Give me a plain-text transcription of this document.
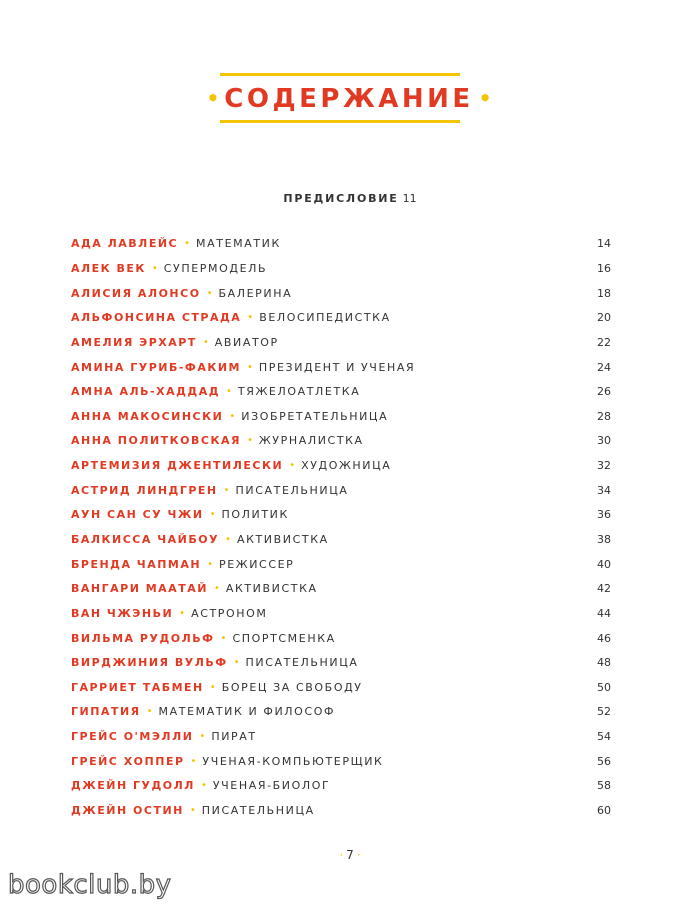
• СОДЕРЖАНИЕ •
ПРЕДИСЛОВИЕ 11
АДА ЛАВЛЕЙС • МАТЕМАТИК	14
АЛЕК ВЕК • СУПЕРМОДЕЛЬ	16
АЛИСИЯ АЛОНСО • БАЛЕРИНА	18
АЛЬФОНСИНА СТРАДА • ВЕЛОСИПЕДИСТКА	20
АМЕЛИЯ ЭРХАРТ • АВИАТОР	22
АМИНА ГУРИБ-ФАКИМ • ПРЕЗИДЕНТ И УЧЕНАЯ	24
АМНА АЛЬ-ХАДДАД • ТЯЖЕЛОАТЛЕТКА	26
АННА МАКОСИНСКИ • ИЗОБРЕТАТЕЛЬНИЦА	28
АННА ПОЛИТКОВСКАЯ • ЖУРНАЛИСТКА	30
АРТЕМИЗИЯ ДЖЕНТИЛЕСКИ • ХУДОЖНИЦА	32
АСТРИД ЛИНДГРЕН • ПИСАТЕЛЬНИЦА	34
АУН САН СУ ЧЖИ • ПОЛИТИК	36
БАЛКИССА ЧАЙБОУ • АКТИВИСТКА	38
БРЕНДА ЧАПМАН • РЕЖИССЕР	40
ВАНГАРИ МААТАЙ • АКТИВИСТКА	42
ВАН ЧЖЭНЬИ • АСТРОНОМ	44
ВИЛЬМА РУДОЛЬФ • СПОРТСМЕНКА	46
ВИРДЖИНИЯ ВУЛЬФ • ПИСАТЕЛЬНИЦА	48
ГАРРИЕТ ТАБМЕН • БОРЕЦ ЗА СВОБОДУ	50
ГИПАТИЯ • МАТЕМАТИК И ФИЛОСОФ	52
ГРЕЙС О'МЭЛЛИ • ПИРАТ	54
ГРЕЙС ХОППЕР • УЧЕНАЯ-КОМПЬЮТЕРЩИК	56
ДЖЕЙН ГУДОЛЛ • УЧЕНАЯ-БИОЛОГ	58
ДЖЕЙН ОСТИН • ПИСАТЕЛЬНИЦА	60
· 7 ·
bookclub.by
